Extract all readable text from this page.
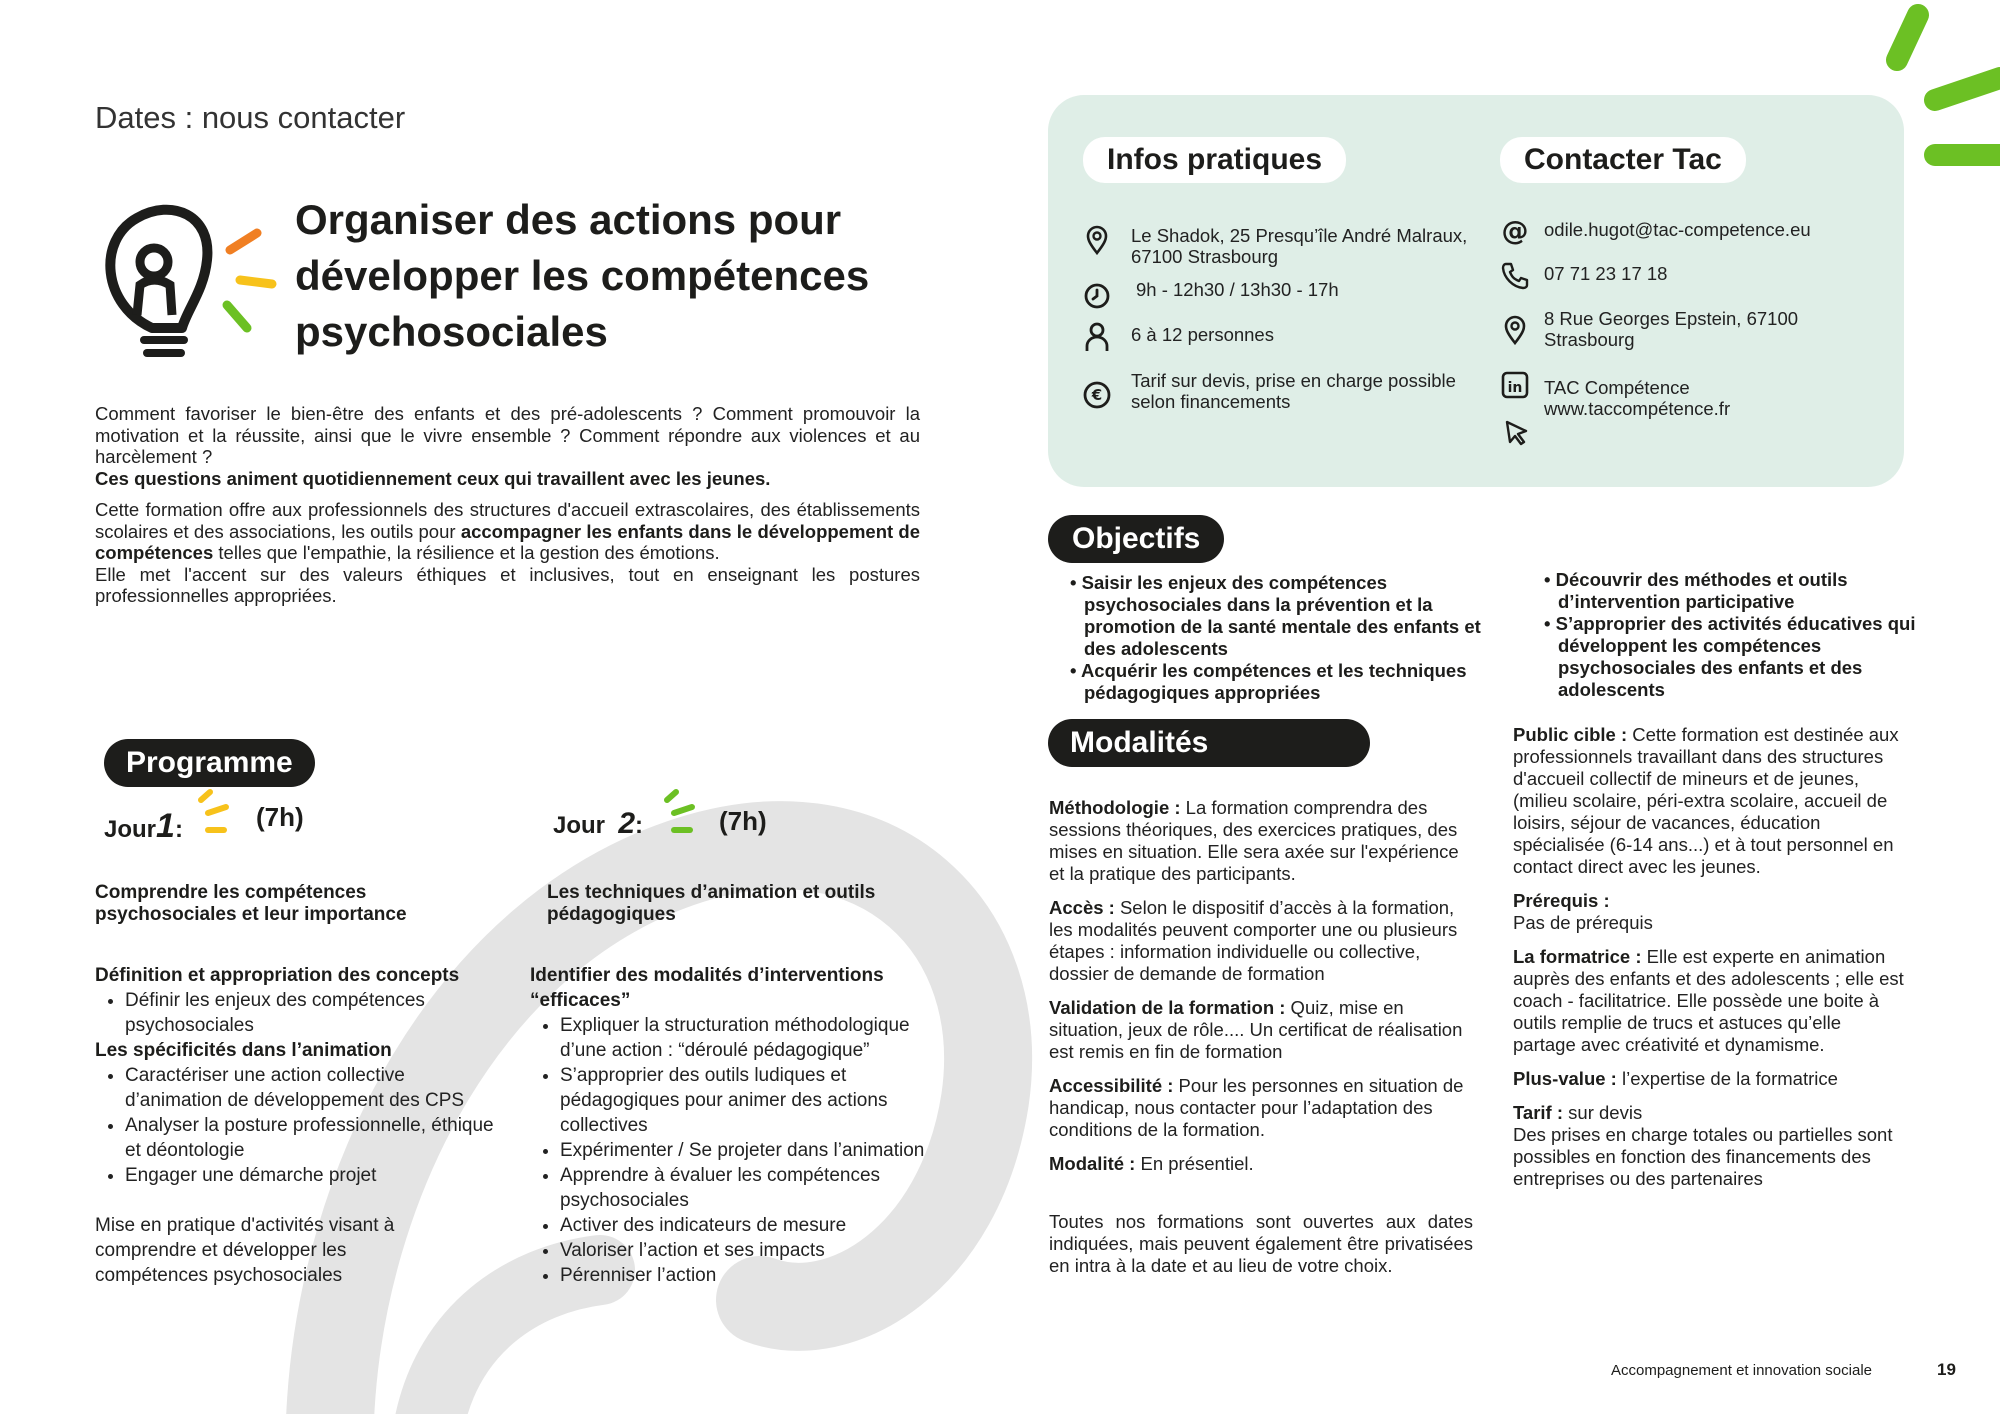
Dates : nous contacter
Organiser des actions pour
développer les compétences
psychosociales

Comment favoriser le bien-être des enfants et des pré-adolescents ? Comment promouvoir la motivation et la réussite, ainsi que le vivre ensemble ? Comment répondre aux violences et au harcèlement ?
Ces questions animent quotidiennement ceux qui travaillent avec les jeunes.

Cette formation offre aux professionnels des structures d'accueil extrascolaires, des établissements scolaires et des associations, les outils pour accompagner les enfants dans le développement de compétences telles que l'empathie, la résilience et la gestion des émotions.

Elle met l'accent sur des valeurs éthiques et inclusives, tout en enseignant les postures professionnelles appropriées.

Programme
Jour1:	(7h)	Jour 2:	(7h)
Comprendre les compétences psychosociales et leur importance
Définition et appropriation des concepts
• Définir les enjeux des compétences psychosociales
Les spécificités dans l’animation
• Caractériser une action collective d’animation de développement des CPS
• Analyser la posture professionnelle, éthique et déontologie
• Engager une démarche projet
Mise en pratique d'activités visant à comprendre et développer les compétences psychosociales
Les techniques d’animation et outils pédagogiques
Identifier des modalités d’interventions “efficaces”
• Expliquer la structuration méthodologique d’une action : “déroulé pédagogique”
• S’approprier des outils ludiques et pédagogiques pour animer des actions collectives
• Expérimenter / Se projeter dans l’animation
• Apprendre à évaluer les compétences psychosociales
• Activer des indicateurs de mesure
• Valoriser l’action et ses impacts
• Pérenniser l’action
Infos pratiques	Contacter Tac
€
Le Shadok, 25 Presqu’île André Malraux,
67100 Strasbourg
9h - 12h30 / 13h30 - 17h
6 à 12 personnes
Tarif sur devis, prise en charge possible
selon financements
@
in
odile.hugot@tac-competence.eu
07 71 23 17 18
8 Rue Georges Epstein, 67100
Strasbourg
TAC Compétence
www.taccompétence.fr
Objectifs
• Saisir les enjeux des compétences psychosociales dans la prévention et la promotion de la santé mentale des enfants et des adolescents
• Acquérir les compétences et les techniques pédagogiques appropriées
• Découvrir des méthodes et outils d’intervention participative
• S’approprier des activités éducatives qui développent les compétences psychosociales des enfants et des adolescents
Modalités

Méthodologie : La formation comprendra des sessions théoriques, des exercices pratiques, des mises en situation. Elle sera axée sur l'expérience et la pratique des participants.

Accès : Selon le dispositif d’accès à la formation, les modalités peuvent comporter une ou plusieurs étapes : information individuelle ou collective, dossier de demande de formation

Validation de la formation : Quiz, mise en situation, jeux de rôle.... Un certificat de réalisation est remis en fin de formation

Accessibilité : Pour les personnes en situation de handicap, nous contacter pour l’adaptation des conditions de la formation.

Modalité : En présentiel.

Toutes nos formations sont ouvertes aux dates indiquées, mais peuvent également être privatisées en intra à la date et au lieu de votre choix.

Public cible : Cette formation est destinée aux professionnels travaillant dans des structures d'accueil collectif de mineurs et de jeunes, (milieu scolaire, péri-extra scolaire, accueil de loisirs, séjour de vacances, éducation spécialisée (6-14 ans...) et à tout personnel en contact direct avec les jeunes.

Prérequis :
Pas de prérequis

La formatrice : Elle est experte en animation auprès des enfants et des adolescents ; elle est coach - facilitatrice. Elle possède une boite à outils remplie de trucs et astuces qu’elle partage avec créativité et dynamisme.

Plus-value : l’expertise de la formatrice

Tarif : sur devis
Des prises en charge totales ou partielles sont possibles en fonction des financements des entreprises ou des partenaires

Accompagnement et innovation sociale	19
